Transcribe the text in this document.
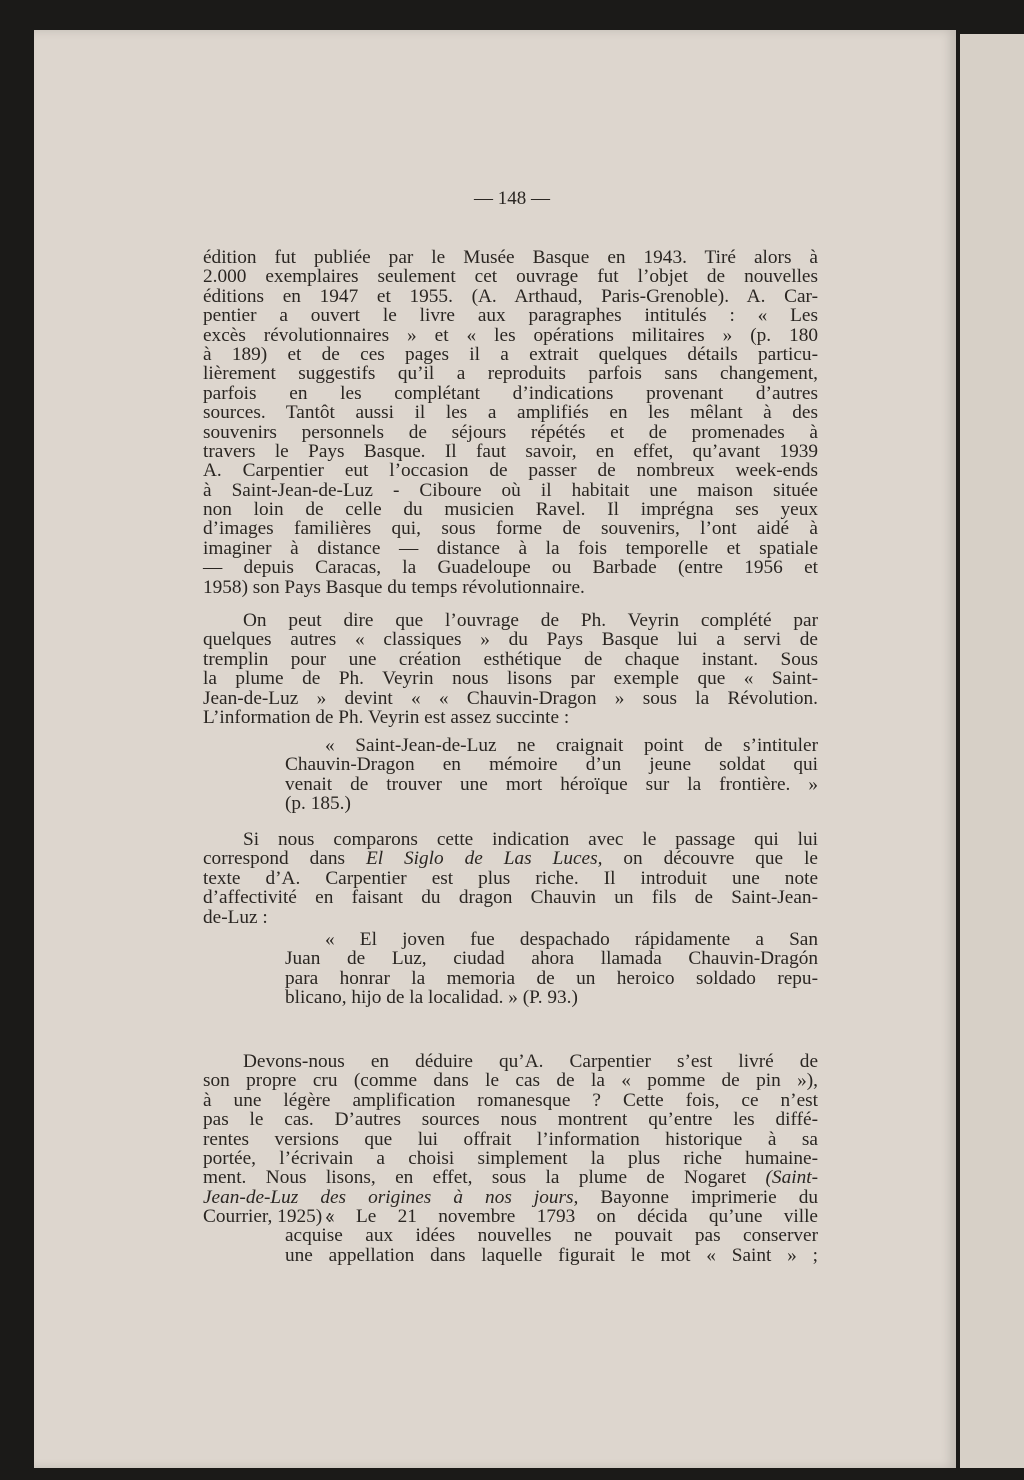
— 148 —
édition fut publiée par le Musée Basque en 1943. Tiré alors à
2.000 exemplaires seulement cet ouvrage fut l’objet de nouvelles
éditions en 1947 et 1955. (A. Arthaud, Paris-Grenoble). A. Car-
pentier a ouvert le livre aux paragraphes intitulés : « Les
excès révolutionnaires » et « les opérations militaires » (p. 180
à 189) et de ces pages il a extrait quelques détails particu-
lièrement suggestifs qu’il a reproduits parfois sans changement,
parfois en les complétant d’indications provenant d’autres
sources. Tantôt aussi il les a amplifiés en les mêlant à des
souvenirs personnels de séjours répétés et de promenades à
travers le Pays Basque. Il faut savoir, en effet, qu’avant 1939
A. Carpentier eut l’occasion de passer de nombreux week-ends
à Saint-Jean-de-Luz - Ciboure où il habitait une maison située
non loin de celle du musicien Ravel. Il imprégna ses yeux
d’images familières qui, sous forme de souvenirs, l’ont aidé à
imaginer à distance — distance à la fois temporelle et spatiale
— depuis Caracas, la Guadeloupe ou Barbade (entre 1956 et
1958) son Pays Basque du temps révolutionnaire.
On peut dire que l’ouvrage de Ph. Veyrin complété par
quelques autres « classiques » du Pays Basque lui a servi de
tremplin pour une création esthétique de chaque instant. Sous
la plume de Ph. Veyrin nous lisons par exemple que « Saint-
Jean-de-Luz » devint « « Chauvin-Dragon » sous la Révolution.
L’information de Ph. Veyrin est assez succinte :
« Saint-Jean-de-Luz ne craignait point de s’intituler
Chauvin-Dragon en mémoire d’un jeune soldat qui
venait de trouver une mort héroïque sur la frontière. »
(p. 185.)
Si nous comparons cette indication avec le passage qui lui
correspond dans El Siglo de Las Luces, on découvre que le
texte d’A. Carpentier est plus riche. Il introduit une note
d’affectivité en faisant du dragon Chauvin un fils de Saint-Jean-
de-Luz :
« El joven fue despachado rápidamente a San
Juan de Luz, ciudad ahora llamada Chauvin-Dragón
para honrar la memoria de un heroico soldado repu-
blicano, hijo de la localidad. » (P. 93.)
Devons-nous en déduire qu’A. Carpentier s’est livré de
son propre cru (comme dans le cas de la « pomme de pin »),
à une légère amplification romanesque ? Cette fois, ce n’est
pas le cas. D’autres sources nous montrent qu’entre les diffé-
rentes versions que lui offrait l’information historique à sa
portée, l’écrivain a choisi simplement la plus riche humaine-
ment. Nous lisons, en effet, sous la plume de Nogaret (Saint-
Jean-de-Luz des origines à nos jours, Bayonne imprimerie du
Courrier, 1925) :
« Le 21 novembre 1793 on décida qu’une ville
acquise aux idées nouvelles ne pouvait pas conserver
une appellation dans laquelle figurait le mot « Saint » ;
